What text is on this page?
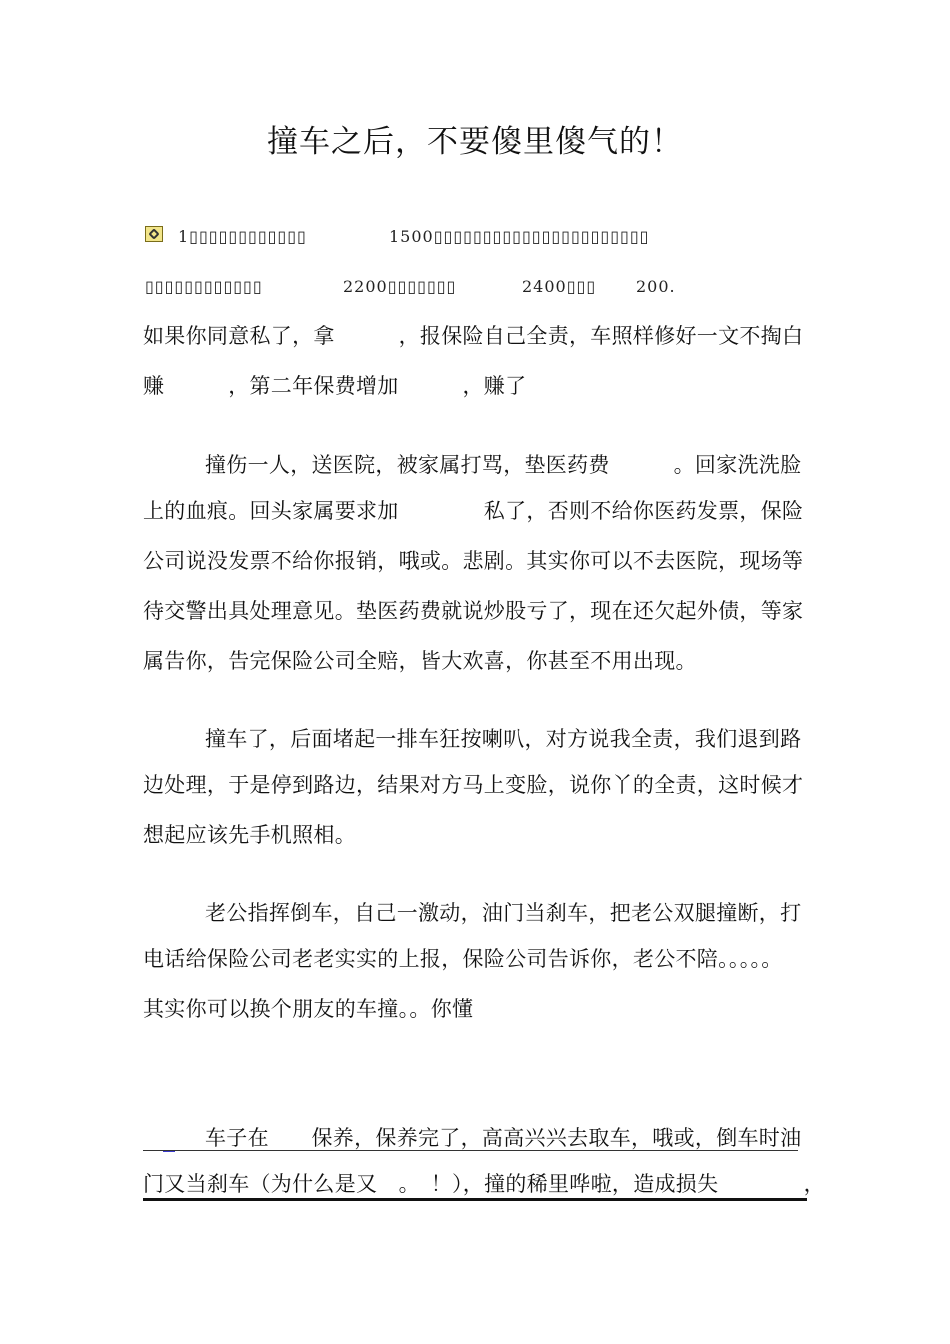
撞车之后，不要傻里傻气的！
1▯▯▯▯▯▯▯▯▯▯▯▯	1500▯▯▯▯▯▯▯▯▯▯▯▯▯▯▯▯▯▯▯▯▯▯
▯▯▯▯▯▯▯▯▯▯▯▯	2200▯▯▯▯▯▯▯	2400▯▯▯ 200.
如果你同意私了，拿　　　，报保险自己全责，车照样修好一文不掏白
赚　　　，第二年保费增加　　　，赚了
撞伤一人，送医院，被家属打骂，垫医药费　　　。回家洗洗脸
上的血痕。回头家属要求加　　　　私了，否则不给你医药发票，保险
公司说没发票不给你报销，哦或。悲剧。其实你可以不去医院，现场等
待交警出具处理意见。垫医药费就说炒股亏了，现在还欠起外债，等家
属告你，告完保险公司全赔，皆大欢喜，你甚至不用出现。
撞车了，后面堵起一排车狂按喇叭，对方说我全责，我们退到路
边处理，于是停到路边，结果对方马上变脸，说你丫的全责，这时候才
想起应该先手机照相。
老公指挥倒车，自己一激动，油门当刹车，把老公双腿撞断，打
电话给保险公司老老实实的上报，保险公司告诉你，老公不陪。。。。。
其实你可以换个朋友的车撞。。你懂
车子在　　保养，保养完了，高高兴兴去取车，哦或，倒车时油
门又当刹车（为什么是又　。　！），撞的稀里哗啦，造成损失　　　　，
